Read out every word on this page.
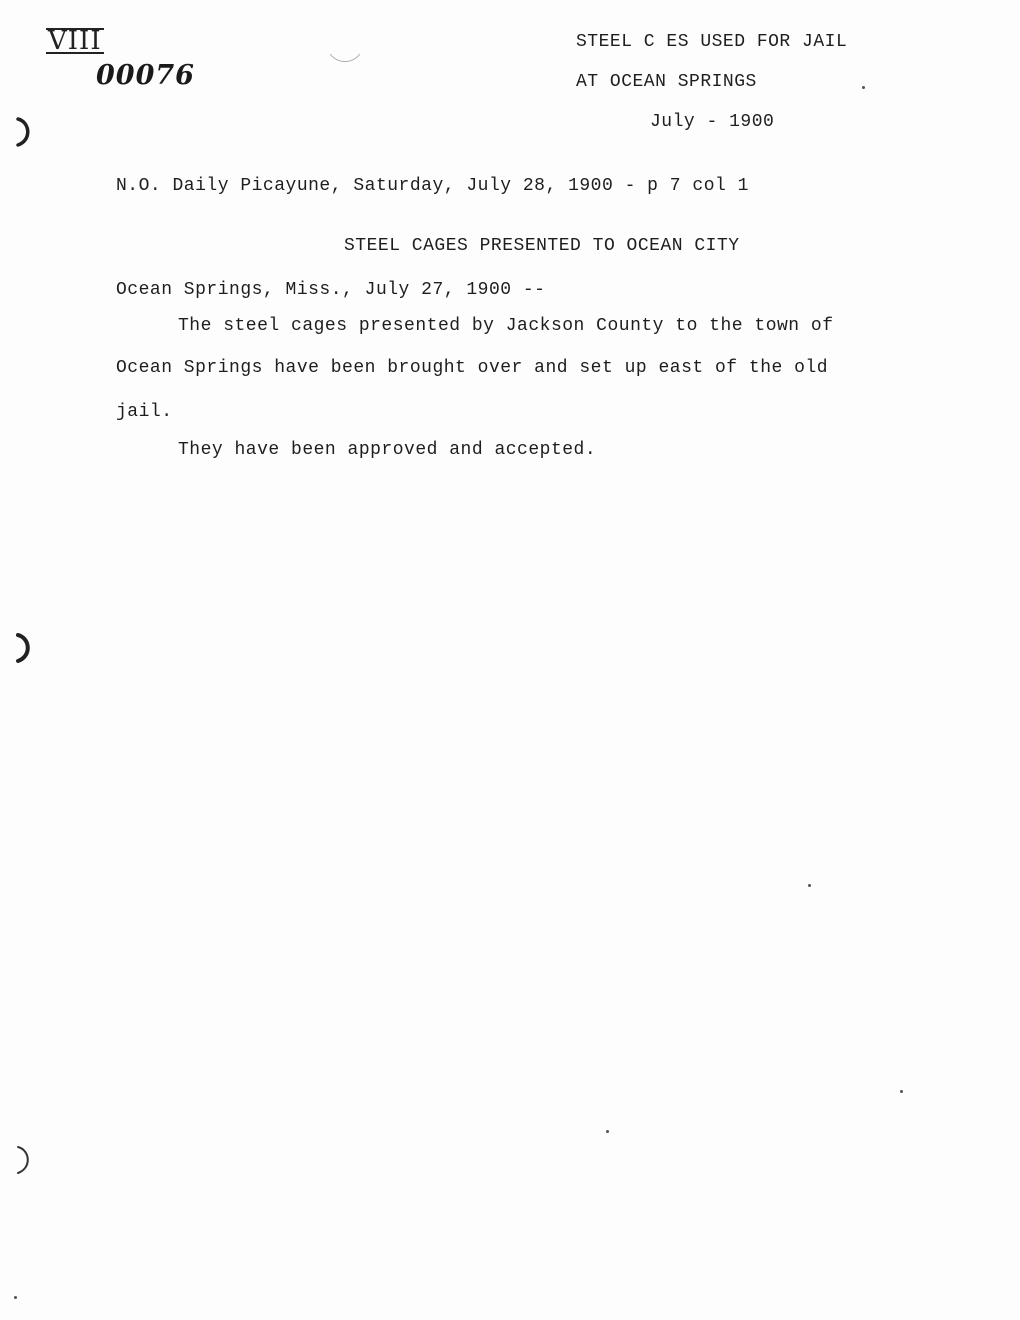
VIII
00076
STEEL C ES USED FOR JAIL
AT OCEAN SPRINGS
July - 1900
N.O. Daily Picayune, Saturday, July 28, 1900 - p 7 col 1
STEEL CAGES PRESENTED TO OCEAN CITY
Ocean Springs, Miss., July 27, 1900 --
The steel cages presented by Jackson County to the town of
Ocean Springs have been brought over and set up east of the old
jail.
They have been approved and accepted.
